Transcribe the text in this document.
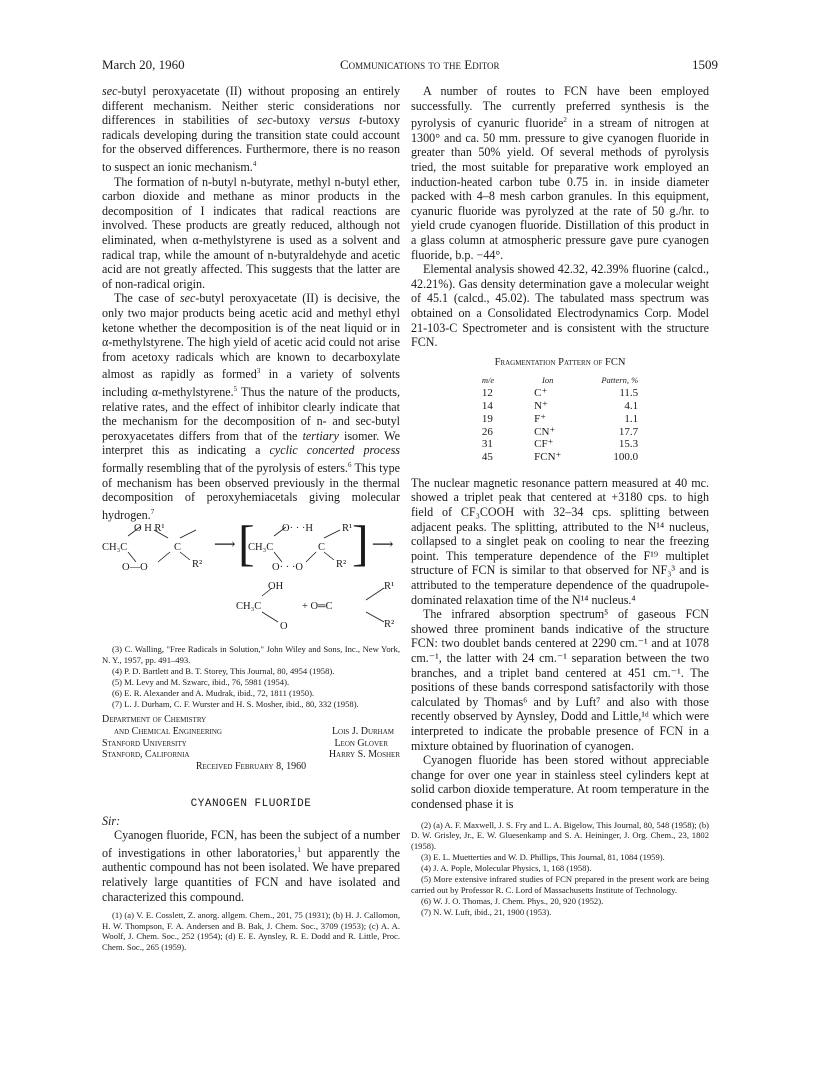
March 20, 1960	Communications to the Editor	1509

sec-butyl peroxyacetate (II) without proposing an entirely different mechanism. Neither steric considerations nor differences in stabilities of sec-butoxy versus t-butoxy radicals developing during the transition state could account for the observed differences. Furthermore, there is no reason to suspect an ionic mechanism.$^4$

The formation of n-butyl n-butyrate, methyl n-butyl ether, carbon dioxide and methane as minor products in the decomposition of I indicates that radical reactions are involved. These products are greatly reduced, although not eliminated, when α-methylstyrene is used as a solvent and radical trap, while the amount of n-butyraldehyde and acetic acid are not greatly affected. This suggests that the latter are of non-radical origin.

The case of sec-butyl peroxyacetate (II) is decisive, the only two major products being acetic acid and methyl ethyl ketone whether the decomposition is of the neat liquid or in α-methylstyrene. The high yield of acetic acid could not arise from acetoxy radicals which are known to decarboxylate almost as rapidly as formed$^3$ in a variety of solvents including α-methylstyrene.$^5$ Thus the nature of the products, relative rates, and the effect of inhibitor clearly indicate that the mechanism for the decomposition of n- and sec-butyl peroxyacetates differs from that of the tertiary isomer. We interpret this as indicating a cyclic concerted process formally resembling that of the pyrolysis of esters.$^6$ This type of mechanism has been observed previously in the thermal decomposition of peroxyhemiacetals giving molecular hydrogen.$^7$

O H R¹
CH₃C	C
O—O	R²
⟶ [	O· · ·H	R¹
CH₃C	C
O· · ·O	R² ] ⟶
OH	R¹
CH₃C	+ O═C
O	R²

(3) C. Walling, "Free Radicals in Solution," John Wiley and Sons, Inc., New York, N. Y., 1957, pp. 491–493.

(4) P. D. Bartlett and B. T. Storey, This Journal, 80, 4954 (1958).

(5) M. Levy and M. Szwarc, ibid., 76, 5981 (1954).

(6) E. R. Alexander and A. Mudrak, ibid., 72, 1811 (1950).

(7) L. J. Durham, C. F. Wurster and H. S. Mosher, ibid., 80, 332 (1958).

Department of Chemistry
and Chemical Engineering	Lois J. Durham
Stanford University	Leon Glover
Stanford, California	Harry S. Mosher
Received February 8, 1960
CYANOGEN FLUORIDE

Sir:

Cyanogen fluoride, FCN, has been the subject of a number of investigations in other laboratories,$^1$ but apparently the authentic compound has not been isolated. We have prepared relatively large quantities of FCN and have isolated and characterized this compound.

(1) (a) V. E. Cosslett, Z. anorg. allgem. Chem., 201, 75 (1931); (b) H. J. Callomon, H. W. Thompson, F. A. Andersen and B. Bak, J. Chem. Soc., 3709 (1953); (c) A. A. Woolf, J. Chem. Soc., 252 (1954); (d) E. E. Aynsley, R. E. Dodd and R. Little, Proc. Chem. Soc., 265 (1959).

A number of routes to FCN have been employed successfully. The currently preferred synthesis is the pyrolysis of cyanuric fluoride$^2$ in a stream of nitrogen at 1300° and ca. 50 mm. pressure to give cyanogen fluoride in greater than 50% yield. Of several methods of pyrolysis tried, the most suitable for preparative work employed an induction-heated carbon tube 0.75 in. in inside diameter packed with 4–8 mesh carbon granules. In this equipment, cyanuric fluoride was pyrolyzed at the rate of 50 g./hr. to yield crude cyanogen fluoride. Distillation of this product in a glass column at atmospheric pressure gave pure cyanogen fluoride, b.p. −44°.

Elemental analysis showed 42.32, 42.39% fluorine (calcd., 42.21%). Gas density determination gave a molecular weight of 45.1 (calcd., 45.02). The tabulated mass spectrum was obtained on a Consolidated Electrodynamics Corp. Model 21-103-C Spectrometer and is consistent with the structure FCN.

Fragmentation Pattern of FCN
m/e	Ion	Pattern, %
12	C⁺	11.5
14	N⁺	4.1
19	F⁺	1.1
26	CN⁺	17.7
31	CF⁺	15.3
45	FCN⁺	100.0

The nuclear magnetic resonance pattern measured at 40 mc. showed a triplet peak that centered at +3180 cps. to high field of CF₃COOH with 32–34 cps. splitting between adjacent peaks. The splitting, attributed to the N¹⁴ nucleus, collapsed to a singlet peak on cooling to near the freezing point. This temperature dependence of the F¹⁹ multiplet structure of FCN is similar to that observed for NF₃³ and is attributed to the temperature dependence of the quadrupole-dominated relaxation time of the N¹⁴ nucleus.⁴

The infrared absorption spectrum⁵ of gaseous FCN showed three prominent bands indicative of the structure FCN: two doublet bands centered at 2290 cm.⁻¹ and at 1078 cm.⁻¹, the latter with 24 cm.⁻¹ separation between the two branches, and a triplet band centered at 451 cm.⁻¹. The positions of these bands correspond satisfactorily with those calculated by Thomas⁶ and by Luft⁷ and also with those recently observed by Aynsley, Dodd and Little,¹ᵈ which were interpreted to indicate the probable presence of FCN in a mixture obtained by fluorination of cyanogen.

Cyanogen fluoride has been stored without appreciable change for over one year in stainless steel cylinders kept at solid carbon dioxide temperature. At room temperature in the condensed phase it is

(2) (a) A. F. Maxwell, J. S. Fry and L. A. Bigelow, This Journal, 80, 548 (1958); (b) D. W. Grisley, Jr., E. W. Gluesenkamp and S. A. Heininger, J. Org. Chem., 23, 1802 (1958).

(3) E. L. Muetterties and W. D. Phillips, This Journal, 81, 1084 (1959).

(4) J. A. Pople, Molecular Physics, 1, 168 (1958).

(5) More extensive infrared studies of FCN prepared in the present work are being carried out by Professor R. C. Lord of Massachusetts Institute of Technology.

(6) W. J. O. Thomas, J. Chem. Phys., 20, 920 (1952).

(7) N. W. Luft, ibid., 21, 1900 (1953).
